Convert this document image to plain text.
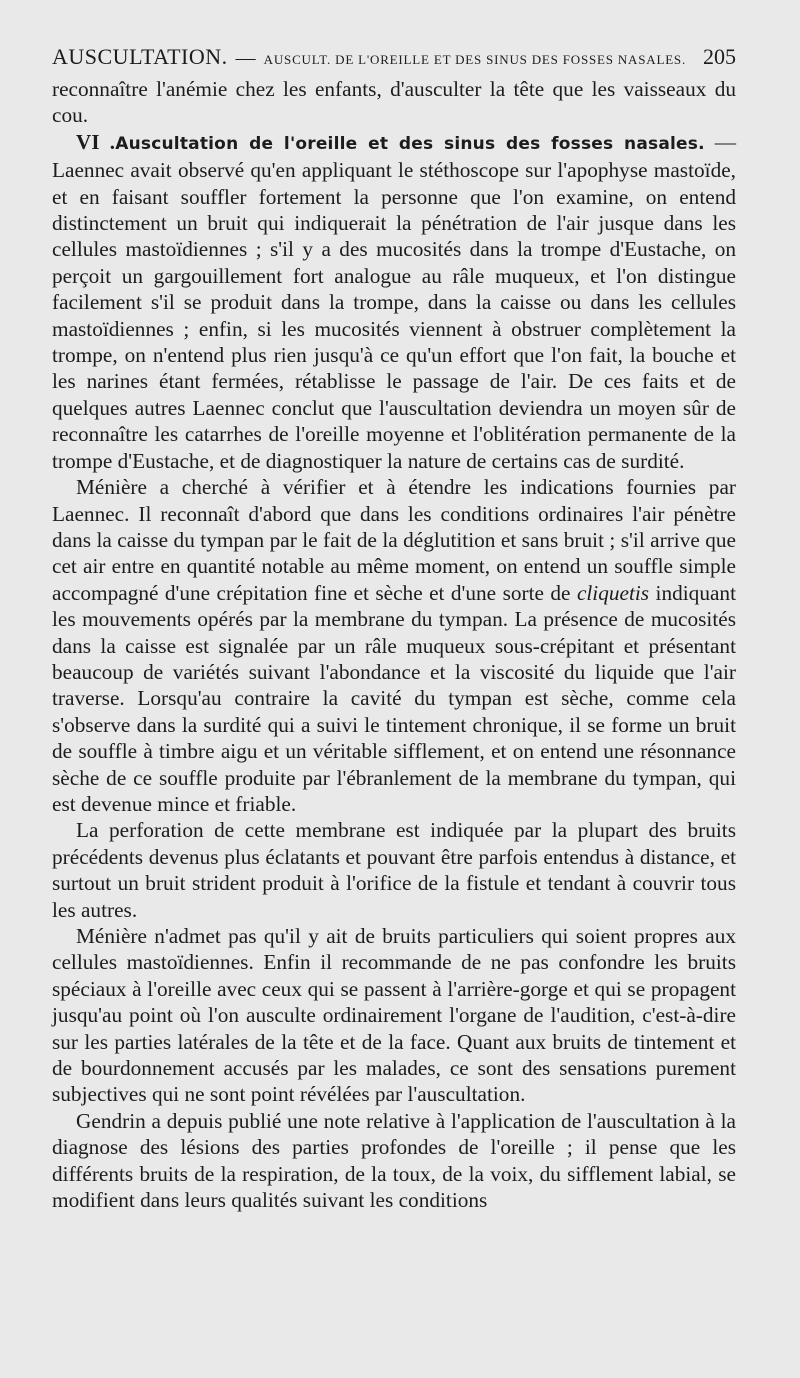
AUSCULTATION. — AUSCULT. DE L'OREILLE ET DES SINUS DES FOSSES NASALES. 205

reconnaître l'anémie chez les enfants, d'ausculter la tête que les vaisseaux du cou.

VI .Auscultation de l'oreille et des sinus des fosses nasales. — Laennec avait observé qu'en appliquant le stéthoscope sur l'apophyse mastoïde, et en faisant souffler fortement la personne que l'on examine, on entend distinctement un bruit qui indiquerait la pénétration de l'air jusque dans les cellules mastoïdiennes ; s'il y a des mucosités dans la trompe d'Eustache, on perçoit un gargouillement fort analogue au râle muqueux, et l'on distingue facilement s'il se produit dans la trompe, dans la caisse ou dans les cellules mastoïdiennes ; enfin, si les mucosités viennent à obstruer complètement la trompe, on n'entend plus rien jusqu'à ce qu'un effort que l'on fait, la bouche et les narines étant fermées, rétablisse le passage de l'air. De ces faits et de quelques autres Laennec conclut que l'auscultation deviendra un moyen sûr de reconnaître les catarrhes de l'oreille moyenne et l'oblitération permanente de la trompe d'Eustache, et de diagnostiquer la nature de certains cas de surdité.

Ménière a cherché à vérifier et à étendre les indications fournies par Laennec. Il reconnaît d'abord que dans les conditions ordinaires l'air pénètre dans la caisse du tympan par le fait de la déglutition et sans bruit ; s'il arrive que cet air entre en quantité notable au même moment, on entend un souffle simple accompagné d'une crépitation fine et sèche et d'une sorte de cliquetis indiquant les mouvements opérés par la membrane du tympan. La présence de mucosités dans la caisse est signalée par un râle muqueux sous-crépitant et présentant beaucoup de variétés suivant l'abondance et la viscosité du liquide que l'air traverse. Lorsqu'au contraire la cavité du tympan est sèche, comme cela s'observe dans la surdité qui a suivi le tintement chronique, il se forme un bruit de souffle à timbre aigu et un véritable sifflement, et on entend une résonnance sèche de ce souffle produite par l'ébranlement de la membrane du tympan, qui est devenue mince et friable.

La perforation de cette membrane est indiquée par la plupart des bruits précédents devenus plus éclatants et pouvant être parfois entendus à distance, et surtout un bruit strident produit à l'orifice de la fistule et tendant à couvrir tous les autres.

Ménière n'admet pas qu'il y ait de bruits particuliers qui soient propres aux cellules mastoïdiennes. Enfin il recommande de ne pas confondre les bruits spéciaux à l'oreille avec ceux qui se passent à l'arrière-gorge et qui se propagent jusqu'au point où l'on ausculte ordinairement l'organe de l'audition, c'est-à-dire sur les parties latérales de la tête et de la face. Quant aux bruits de tintement et de bourdonnement accusés par les malades, ce sont des sensations purement subjectives qui ne sont point révélées par l'auscultation.

Gendrin a depuis publié une note relative à l'application de l'auscultation à la diagnose des lésions des parties profondes de l'oreille ; il pense que les différents bruits de la respiration, de la toux, de la voix, du sifflement labial, se modifient dans leurs qualités suivant les conditions
